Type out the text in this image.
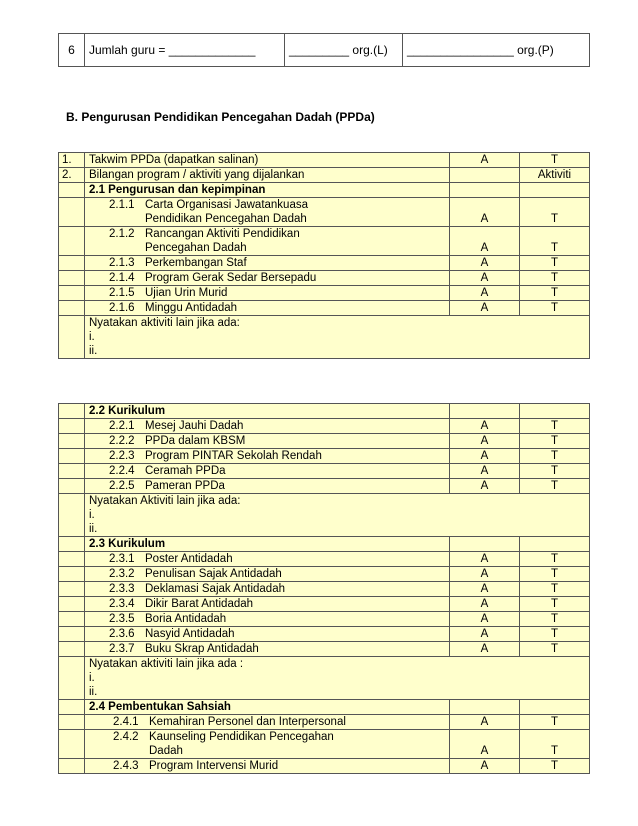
6	Jumlah guru = _____________	_________ org.(L)	________________ org.(P)
B. Pengurusan Pendidikan Pencegahan Dadah (PPDa)
1.	Takwim PPDa (dapatkan salinan)	A	T
2.	Bilangan program / aktiviti yang dijalankan		Aktiviti
	2.1 Pengurusan dan kepimpinan		
	2.1.1 Carta Organisasi Jawatankuasa
Pendidikan Pencegahan Dadah	A	T
	2.1.2 Rancangan Aktiviti Pendidikan
Pencegahan Dadah	A	T
	2.1.3 Perkembangan Staf	A	T
	2.1.4 Program Gerak Sedar Bersepadu	A	T
	2.1.5 Ujian Urin Murid	A	T
	2.1.6 Minggu Antidadah	A	T
	Nyatakan aktiviti lain jika ada:
i.
ii.		
	2.2 Kurikulum		
	2.2.1 Mesej Jauhi Dadah	A	T
	2.2.2 PPDa dalam KBSM	A	T
	2.2.3 Program PINTAR Sekolah Rendah	A	T
	2.2.4 Ceramah PPDa	A	T
	2.2.5 Pameran PPDa	A	T
	Nyatakan Aktiviti lain jika ada:
i.
ii.		
	2.3 Kurikulum		
	2.3.1 Poster Antidadah	A	T
	2.3.2 Penulisan Sajak Antidadah	A	T
	2.3.3 Deklamasi Sajak Antidadah	A	T
	2.3.4 Dikir Barat Antidadah	A	T
	2.3.5 Boria Antidadah	A	T
	2.3.6 Nasyid Antidadah	A	T
	2.3.7 Buku Skrap Antidadah	A	T
	Nyatakan aktiviti lain jika ada :
i.
ii.		
	2.4 Pembentukan Sahsiah		
	2.4.1 Kemahiran Personel dan Interpersonal	A	T
	2.4.2 Kaunseling Pendidikan Pencegahan
Dadah	A	T
	2.4.3 Program Intervensi Murid	A	T
